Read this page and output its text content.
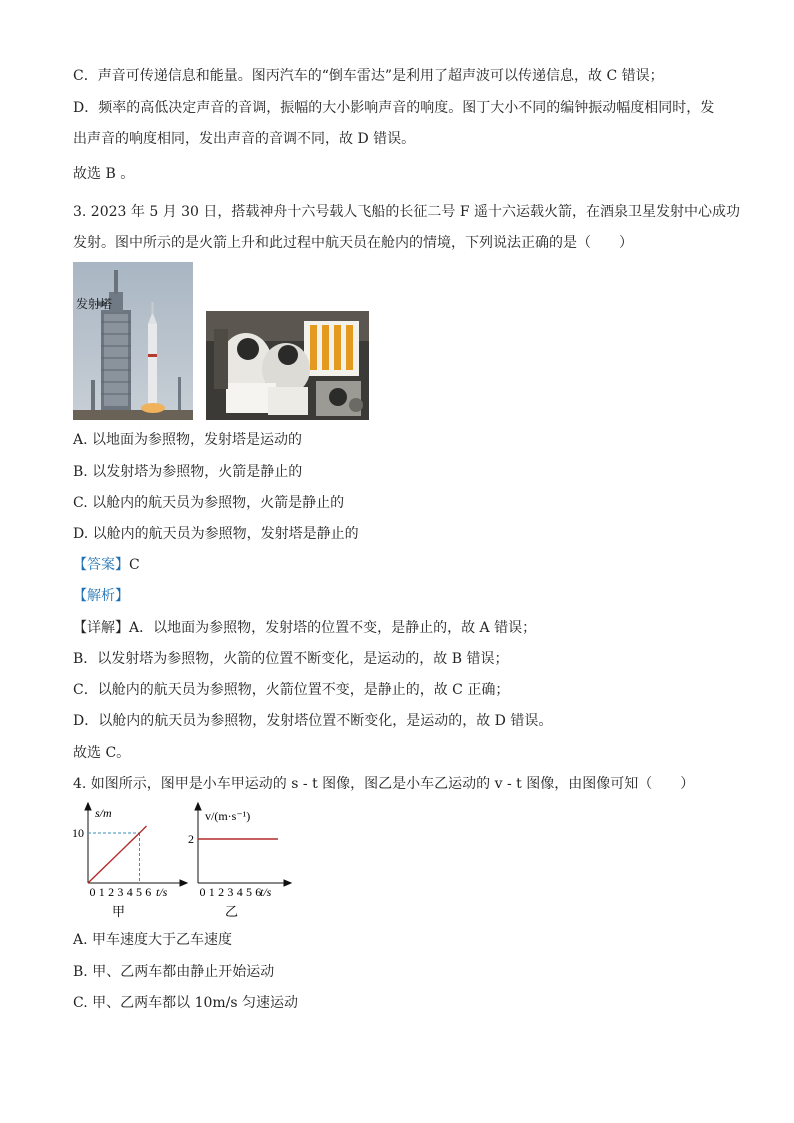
C．声音可传递信息和能量。图丙汽车的“倒车雷达”是利用了超声波可以传递信息，故 C 错误；
D．频率的高低决定声音的音调，振幅的大小影响声音的响度。图丁大小不同的编钟振动幅度相同时，发
出声音的响度相同，发出声音的音调不同，故 D 错误。
故选 B 。
3. 2023 年 5 月 30 日，搭载神舟十六号载人飞船的长征二号 F 遥十六运载火箭，在酒泉卫星发射中心成功
发射。图中所示的是火箭上升和此过程中航天员在舱内的情境，下列说法正确的是（　　）
发射塔
A. 以地面为参照物，发射塔是运动的
B. 以发射塔为参照物，火箭是静止的
C. 以舱内的航天员为参照物，火箭是静止的
D. 以舱内的航天员为参照物，发射塔是静止的
【答案】C
【解析】
【详解】A．以地面为参照物，发射塔的位置不变，是静止的，故 A 错误；
B．以发射塔为参照物，火箭的位置不断变化，是运动的，故 B 错误；
C．以舱内的航天员为参照物，火箭位置不变，是静止的，故 C 正确；
D．以舱内的航天员为参照物，发射塔位置不断变化，是运动的，故 D 错误。
故选 C。
4. 如图所示，图甲是小车甲运动的 s - t 图像，图乙是小车乙运动的 v - t 图像，由图像可知（　　）
s/m
10
0 1 2 3 4 5 6 t/s
甲
v/(m·s⁻¹)
2
0 1 2 3 4 5 6
t/s
乙
A. 甲车速度大于乙车速度
B. 甲、乙两车都由静止开始运动
C. 甲、乙两车都以 10m/s 匀速运动
